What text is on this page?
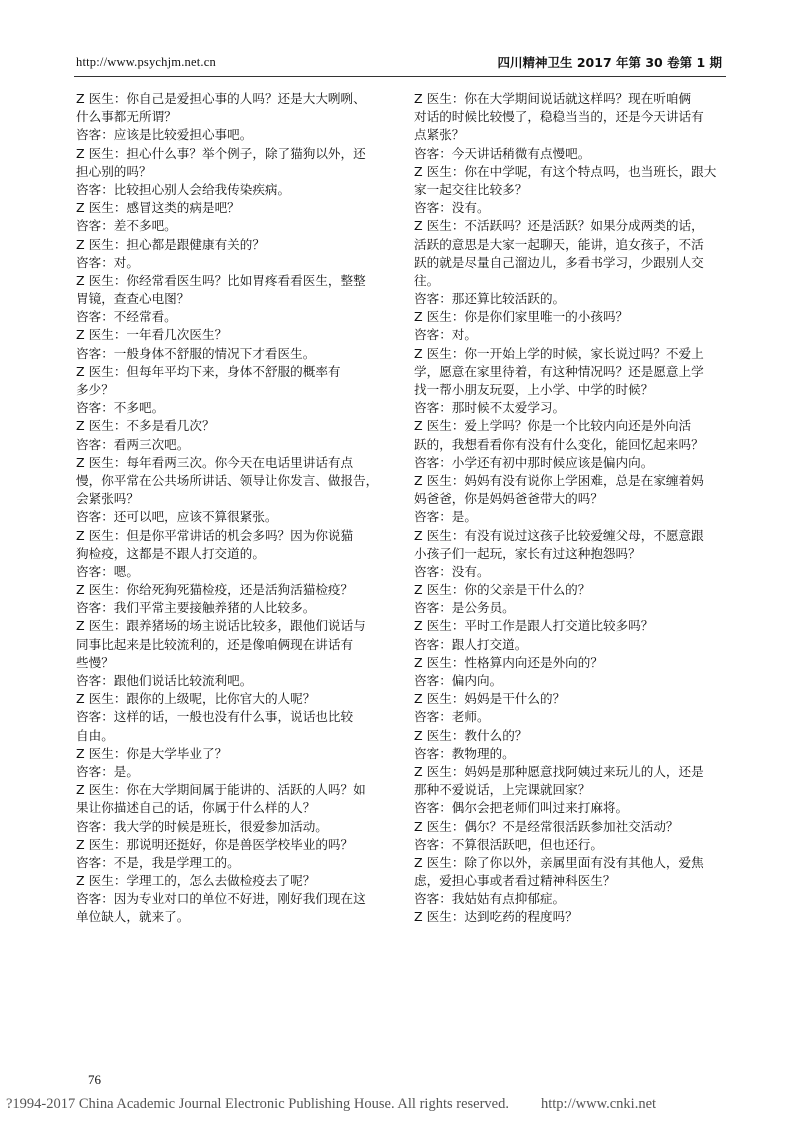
http://www.psychjm.net.cn	四川精神卫生 2017 年第 30 卷第 1 期
Z 医生：你自己是爱担心事的人吗？还是大大咧咧、
什么事都无所谓？
咨客：应该是比较爱担心事吧。
Z 医生：担心什么事？举个例子，除了猫狗以外，还
担心别的吗？
咨客：比较担心别人会给我传染疾病。
Z 医生：感冒这类的病是吧？
咨客：差不多吧。
Z 医生：担心都是跟健康有关的？
咨客：对。
Z 医生：你经常看医生吗？比如胃疼看看医生，整整
胃镜，查查心电图？
咨客：不经常看。
Z 医生：一年看几次医生？
咨客：一般身体不舒服的情况下才看医生。
Z 医生：但每年平均下来，身体不舒服的概率有
多少？
咨客：不多吧。
Z 医生：不多是看几次？
咨客：看两三次吧。
Z 医生：每年看两三次。你今天在电话里讲话有点
慢，你平常在公共场所讲话、领导让你发言、做报告，
会紧张吗？
咨客：还可以吧，应该不算很紧张。
Z 医生：但是你平常讲话的机会多吗？因为你说猫
狗检疫，这都是不跟人打交道的。
咨客：嗯。
Z 医生：你给死狗死猫检疫，还是活狗活猫检疫？
咨客：我们平常主要接触养猪的人比较多。
Z 医生：跟养猪场的场主说话比较多，跟他们说话与
同事比起来是比较流利的，还是像咱俩现在讲话有
些慢？
咨客：跟他们说话比较流利吧。
Z 医生：跟你的上级呢，比你官大的人呢？
咨客：这样的话，一般也没有什么事，说话也比较
自由。
Z 医生：你是大学毕业了？
咨客：是。
Z 医生：你在大学期间属于能讲的、活跃的人吗？如
果让你描述自己的话，你属于什么样的人？
咨客：我大学的时候是班长，很爱参加活动。
Z 医生：那说明还挺好，你是兽医学校毕业的吗？
咨客：不是，我是学理工的。
Z 医生：学理工的，怎么去做检疫去了呢？
咨客：因为专业对口的单位不好进，刚好我们现在这
单位缺人，就来了。
Z 医生：你在大学期间说话就这样吗？现在听咱俩
对话的时候比较慢了，稳稳当当的，还是今天讲话有
点紧张？
咨客：今天讲话稍微有点慢吧。
Z 医生：你在中学呢，有这个特点吗，也当班长，跟大
家一起交往比较多？
咨客：没有。
Z 医生：不活跃吗？还是活跃？如果分成两类的话，
活跃的意思是大家一起聊天，能讲，追女孩子，不活
跃的就是尽量自己溜边儿，多看书学习，少跟别人交
往。
咨客：那还算比较活跃的。
Z 医生：你是你们家里唯一的小孩吗？
咨客：对。
Z 医生：你一开始上学的时候，家长说过吗？不爱上
学，愿意在家里待着，有这种情况吗？还是愿意上学
找一帮小朋友玩耍，上小学、中学的时候？
咨客：那时候不太爱学习。
Z 医生：爱上学吗？你是一个比较内向还是外向活
跃的，我想看看你有没有什么变化，能回忆起来吗？
咨客：小学还有初中那时候应该是偏内向。
Z 医生：妈妈有没有说你上学困难，总是在家缠着妈
妈爸爸，你是妈妈爸爸带大的吗？
咨客：是。
Z 医生：有没有说过这孩子比较爱缠父母，不愿意跟
小孩子们一起玩，家长有过这种抱怨吗？
咨客：没有。
Z 医生：你的父亲是干什么的？
咨客：是公务员。
Z 医生：平时工作是跟人打交道比较多吗？
咨客：跟人打交道。
Z 医生：性格算内向还是外向的？
咨客：偏内向。
Z 医生：妈妈是干什么的？
咨客：老师。
Z 医生：教什么的？
咨客：教物理的。
Z 医生：妈妈是那种愿意找阿姨过来玩儿的人，还是
那种不爱说话，上完课就回家？
咨客：偶尔会把老师们叫过来打麻将。
Z 医生：偶尔？不是经常很活跃参加社交活动？
咨客：不算很活跃吧，但也还行。
Z 医生：除了你以外，亲属里面有没有其他人，爱焦
虑，爱担心事或者看过精神科医生？
咨客：我姑姑有点抑郁症。
Z 医生：达到吃药的程度吗？
76
?1994-2017 China Academic Journal Electronic Publishing House. All rights reserved. http://www.cnki.net
